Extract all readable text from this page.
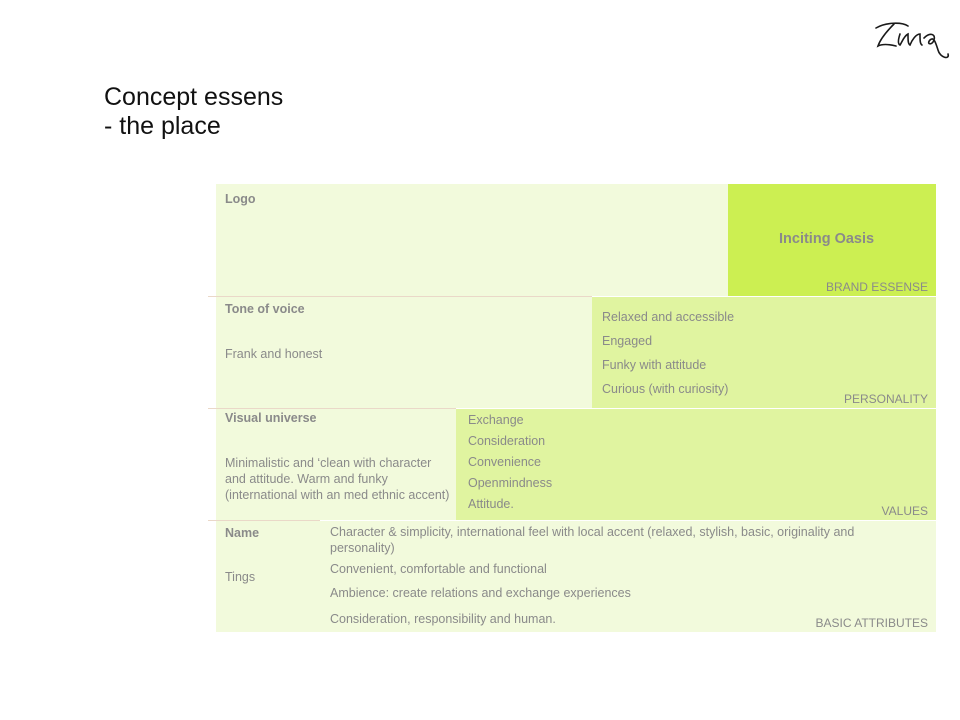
Concept essens
- the place
Logo
Inciting Oasis
BRAND ESSENSE
Tone of voice
Frank and honest
Relaxed and accessible
Engaged
Funky with attitude
Curious (with curiosity)
PERSONALITY
Visual universe
Minimalistic and ‘clean with character and attitude. Warm and funky (international with an med ethnic accent)
Exchange
Consideration
Convenience
Openmindness
Attitude.	VALUES
Name
Tings
Character & simplicity, international feel with local accent (relaxed, stylish, basic, originality and personality)
Convenient, comfortable and functional
Ambience: create relations and exchange experiences
Consideration, responsibility and human.	BASIC ATTRIBUTES
